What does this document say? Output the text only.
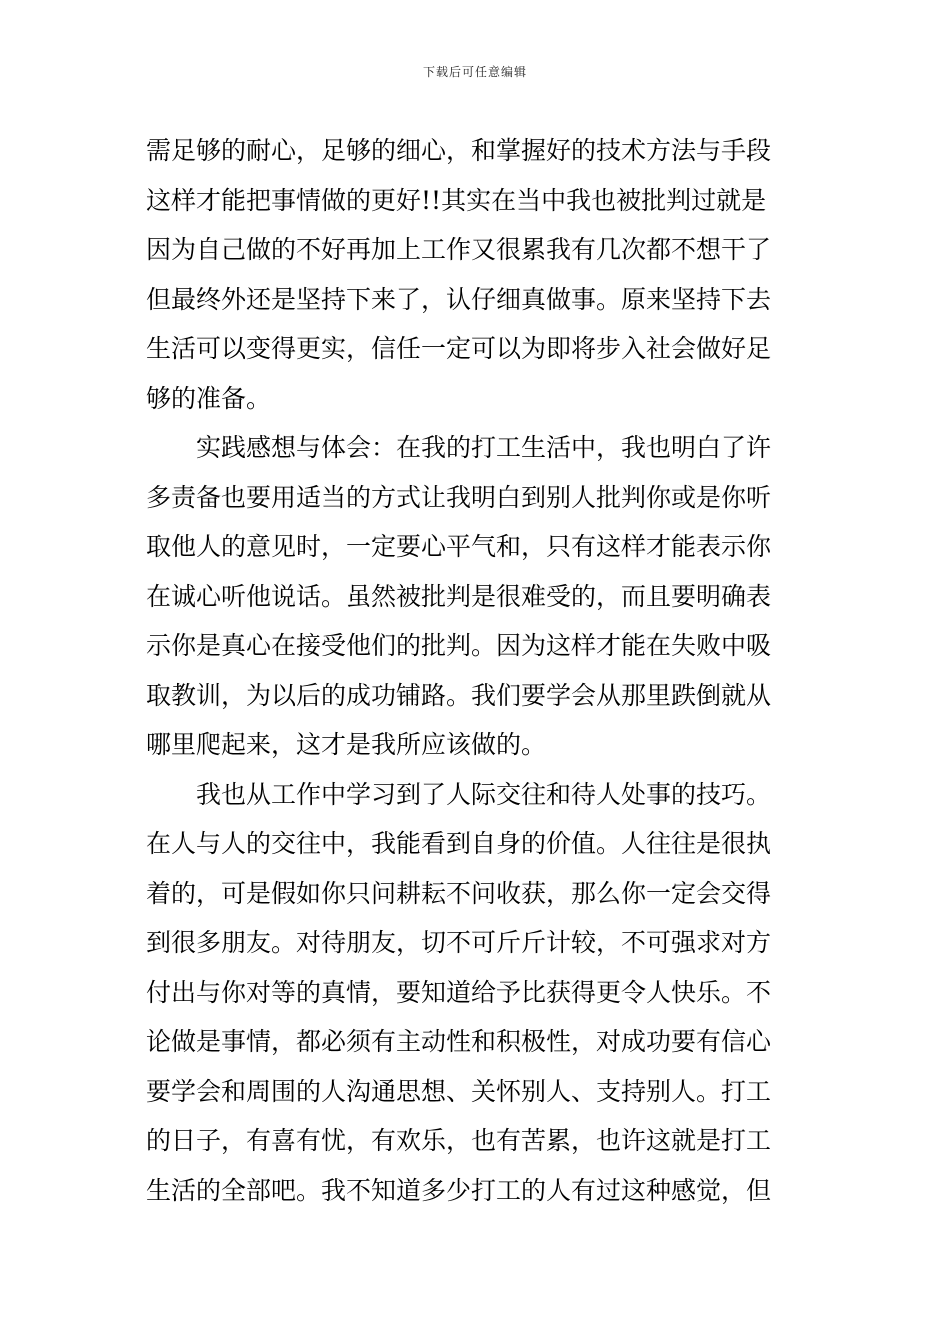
下载后可任意编辑
需足够的耐心，足够的细心，和掌握好的技术方法与手段
这样才能把事情做的更好!!其实在当中我也被批判过就是
因为自己做的不好再加上工作又很累我有几次都不想干了
但最终外还是坚持下来了，认仔细真做事。原来坚持下去
生活可以变得更实，信任一定可以为即将步入社会做好足
够的准备。
实践感想与体会：在我的打工生活中，我也明白了许
多责备也要用适当的方式让我明白到别人批判你或是你听
取他人的意见时，一定要心平气和，只有这样才能表示你
在诚心听他说话。虽然被批判是很难受的，而且要明确表
示你是真心在接受他们的批判。因为这样才能在失败中吸
取教训，为以后的成功铺路。我们要学会从那里跌倒就从
哪里爬起来，这才是我所应该做的。
我也从工作中学习到了人际交往和待人处事的技巧。
在人与人的交往中，我能看到自身的价值。人往往是很执
着的，可是假如你只问耕耘不问收获，那么你一定会交得
到很多朋友。对待朋友，切不可斤斤计较，不可强求对方
付出与你对等的真情，要知道给予比获得更令人快乐。不
论做是事情，都必须有主动性和积极性，对成功要有信心
要学会和周围的人沟通思想、关怀别人、支持别人。打工
的日子，有喜有忧，有欢乐，也有苦累，也许这就是打工
生活的全部吧。我不知道多少打工的人有过这种感觉，但
